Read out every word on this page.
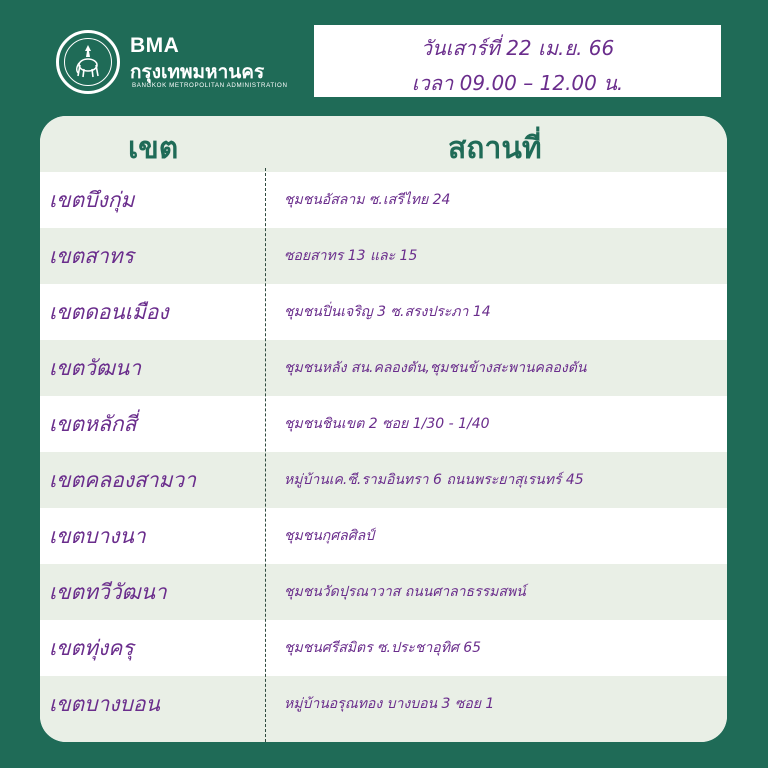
BMA
กรุงเทพมหานคร
BANGKOK METROPOLITAN ADMINISTRATION
วันเสาร์ที่ 22 เม.ย. 66
เวลา 09.00 – 12.00 น.
เขต	สถานที่
เขตบึงกุ่ม	ชุมชนอัสลาม ซ.เสรีไทย 24
เขตสาทร	ซอยสาทร 13 และ 15
เขตดอนเมือง	ชุมชนปิ่นเจริญ 3 ซ.สรงประภา 14
เขตวัฒนา	ชุมชนหลัง สน.คลองตัน,ชุมชนข้างสะพานคลองตัน
เขตหลักสี่	ชุมชนชินเขต 2 ซอย 1/30 - 1/40
เขตคลองสามวา	หมู่บ้านเค.ซี.รามอินทรา 6 ถนนพระยาสุเรนทร์ 45
เขตบางนา	ชุมชนกุศลศิลป์
เขตทวีวัฒนา	ชุมชนวัดปุรณาวาส ถนนศาลาธรรมสพน์
เขตทุ่งครุ	ชุมชนศรีสมิตร ซ.ประชาอุทิศ 65
เขตบางบอน	หมู่บ้านอรุณทอง บางบอน 3 ซอย 1
